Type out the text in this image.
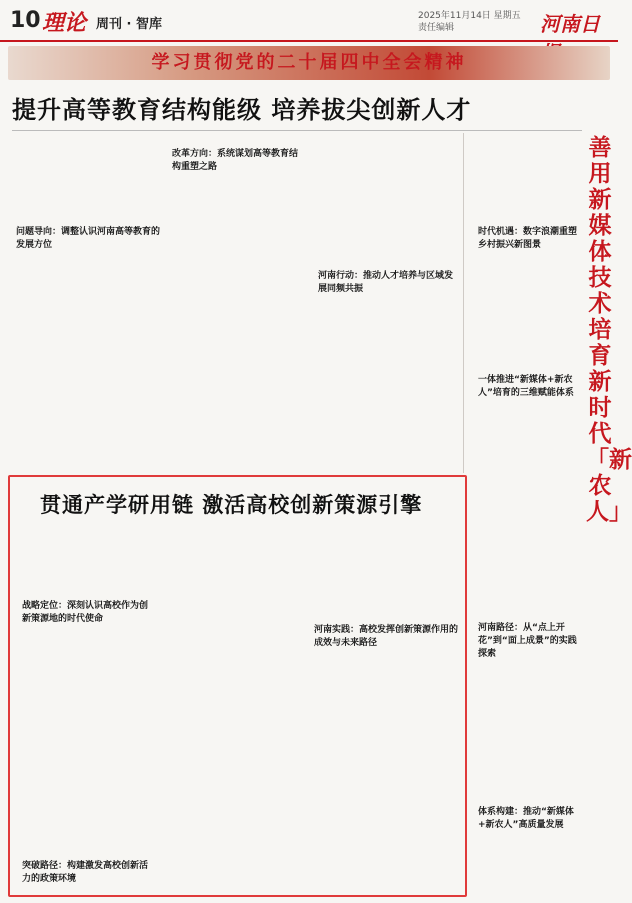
10 理论 周刊 · 智库
2025年11月14日 星期五
责任编辑	河南日
学习贯彻党的二十届四中全会精神
提升高等教育结构能级 培养拔尖创新人才
问题导向：调整认识河南高等教育的发展方位
改革方向：系统谋划高等教育结构重塑之路
河南行动：推动人才培养与区域发展同频共振
贯通产学研用链 激活高校创新策源引擎
战略定位：深刻认识高校作为创新策源地的时代使命
突破路径：构建激发高校创新活力的政策环境
河南实践：高校发挥创新策源作用的成效与未来路径
时代机遇：数字浪潮重塑乡村振兴新图景
一体推进“新媒体+新农人”培育的三维赋能体系
河南路径：从“点上开花”到“面上成景”的实践探索
体系构建：推动“新媒体+新农人”高质量发展
善用新媒体技术 培育新时代「新农人」
